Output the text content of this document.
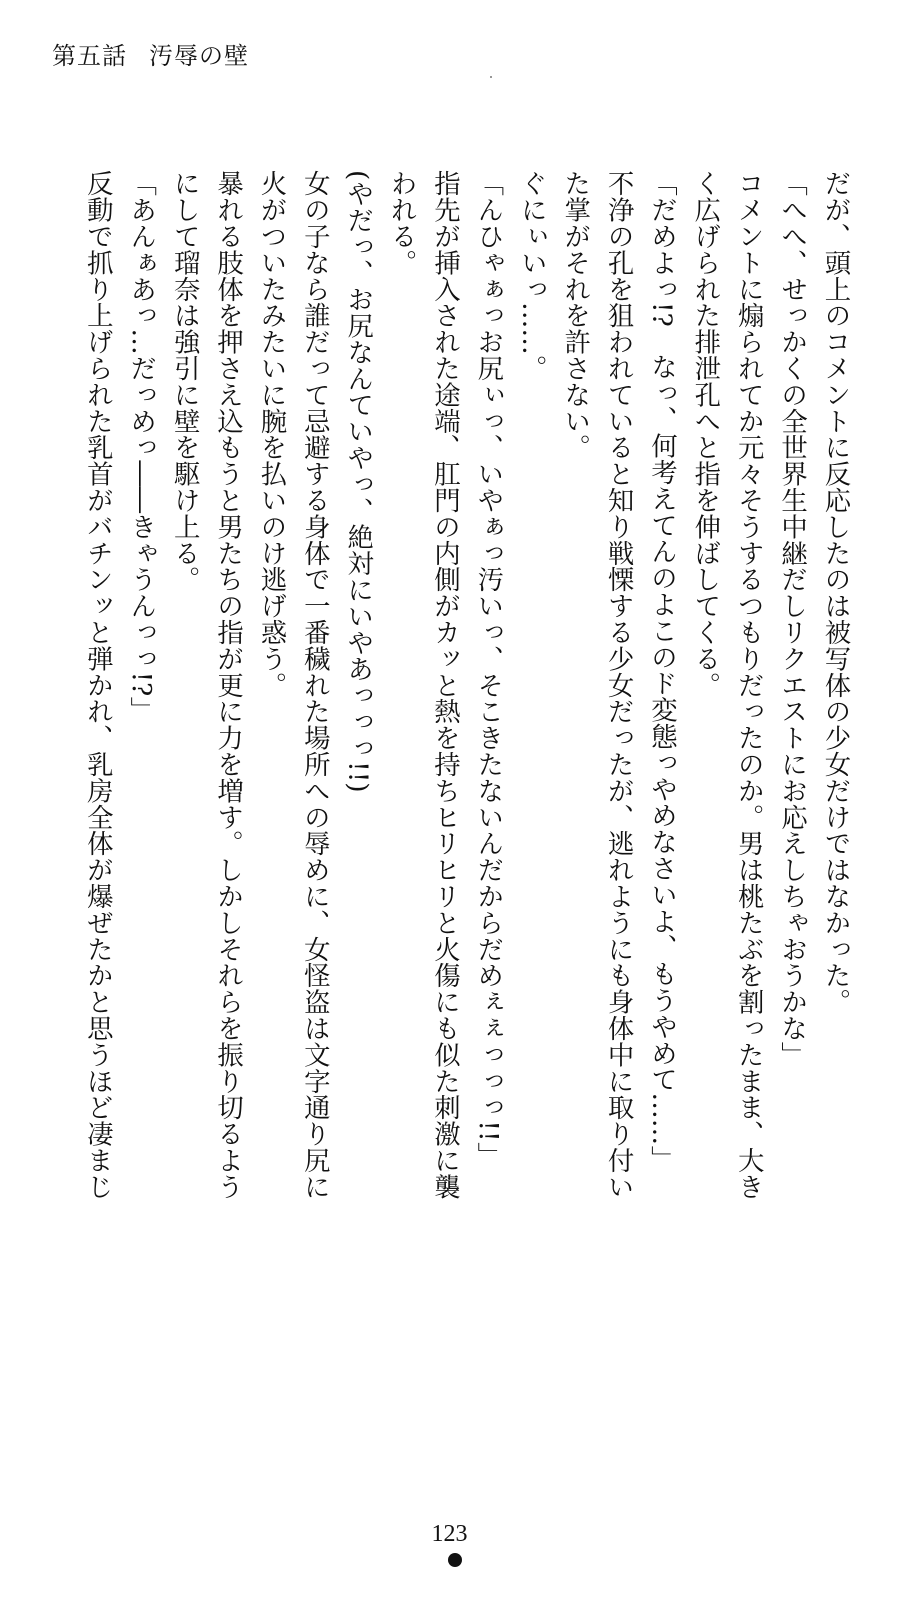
第五話 汚辱の壁
だが、頭上のコメントに反応したのは被写体の少女だけではなかった。
「へへ、せっかくの全世界生中継だしリクエストにお応えしちゃおうかな」
コメントに煽られてか元々そうするつもりだったのか。男は桃たぶを割ったまま、大き
く広げられた排泄孔へと指を伸ばしてくる。
「だめよっ!?　なっ、何考えてんのよこのド変態っやめなさいよ、もうやめて……」
不浄の孔を狙われていると知り戦慄する少女だったが、逃れようにも身体中に取り付い
た掌がそれを許さない。
ぐにぃいっ……。
「んひゃぁっお尻ぃっ、いやぁっ汚いっ、そこきたないんだからだめぇぇっっっ!!」
指先が挿入された途端、肛門の内側がカッと熱を持ちヒリヒリと火傷にも似た刺激に襲
われる。
(やだっ、お尻なんていやっ、絶対にいやあっっっ!!)
女の子なら誰だって忌避する身体で一番穢れた場所への辱めに、女怪盗は文字通り尻に
火がついたみたいに腕を払いのけ逃げ惑う。
暴れる肢体を押さえ込もうと男たちの指が更に力を増す。しかしそれらを振り切るよう
にして瑠奈は強引に壁を駆け上る。
「あんぁあっ…だっめっ――きゃうんっっ!?」
反動で抓り上げられた乳首がバチンッと弾かれ、乳房全体が爆ぜたかと思うほど凄まじ
123
